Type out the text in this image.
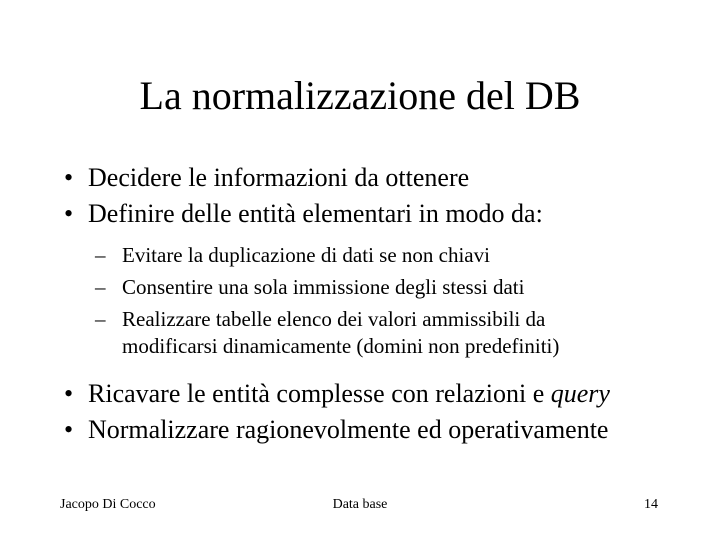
La normalizzazione del DB
• Decidere le informazioni da ottenere
• Definire delle entità elementari in modo da:
– Evitare la duplicazione di dati se non chiavi
– Consentire una sola immissione degli stessi dati
– Realizzare tabelle elenco dei valori ammissibili da modificarsi dinamicamente (domini non predefiniti)
• Ricavare le entità complesse con relazioni e query
• Normalizzare ragionevolmente ed operativamente
Jacopo Di Cocco	Data base	14
